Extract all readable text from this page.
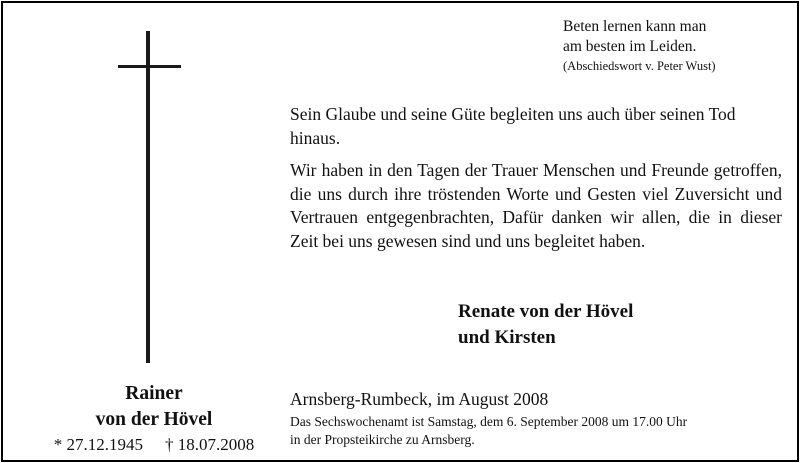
Beten lernen kann man
am besten im Leiden.
(Abschiedswort v. Peter Wust)

Sein Glaube und seine Güte begleiten uns auch über seinen Tod hinaus.

Wir haben in den Tagen der Trauer Menschen und Freunde getroffen, die uns durch ihre tröstenden Worte und Gesten viel Zuversicht und Vertrauen entgegenbrachten, Dafür danken wir allen, die in dieser Zeit bei uns gewesen sind und uns begleitet haben.

Renate von der Hövel
und Kirsten
Rainer
von der Hövel
* 27.12.1945 † 18.07.2008
Arnsberg-Rumbeck, im August 2008
Das Sechswochenamt ist Samstag, dem 6. September 2008 um 17.00 Uhr
in der Propsteikirche zu Arnsberg.
